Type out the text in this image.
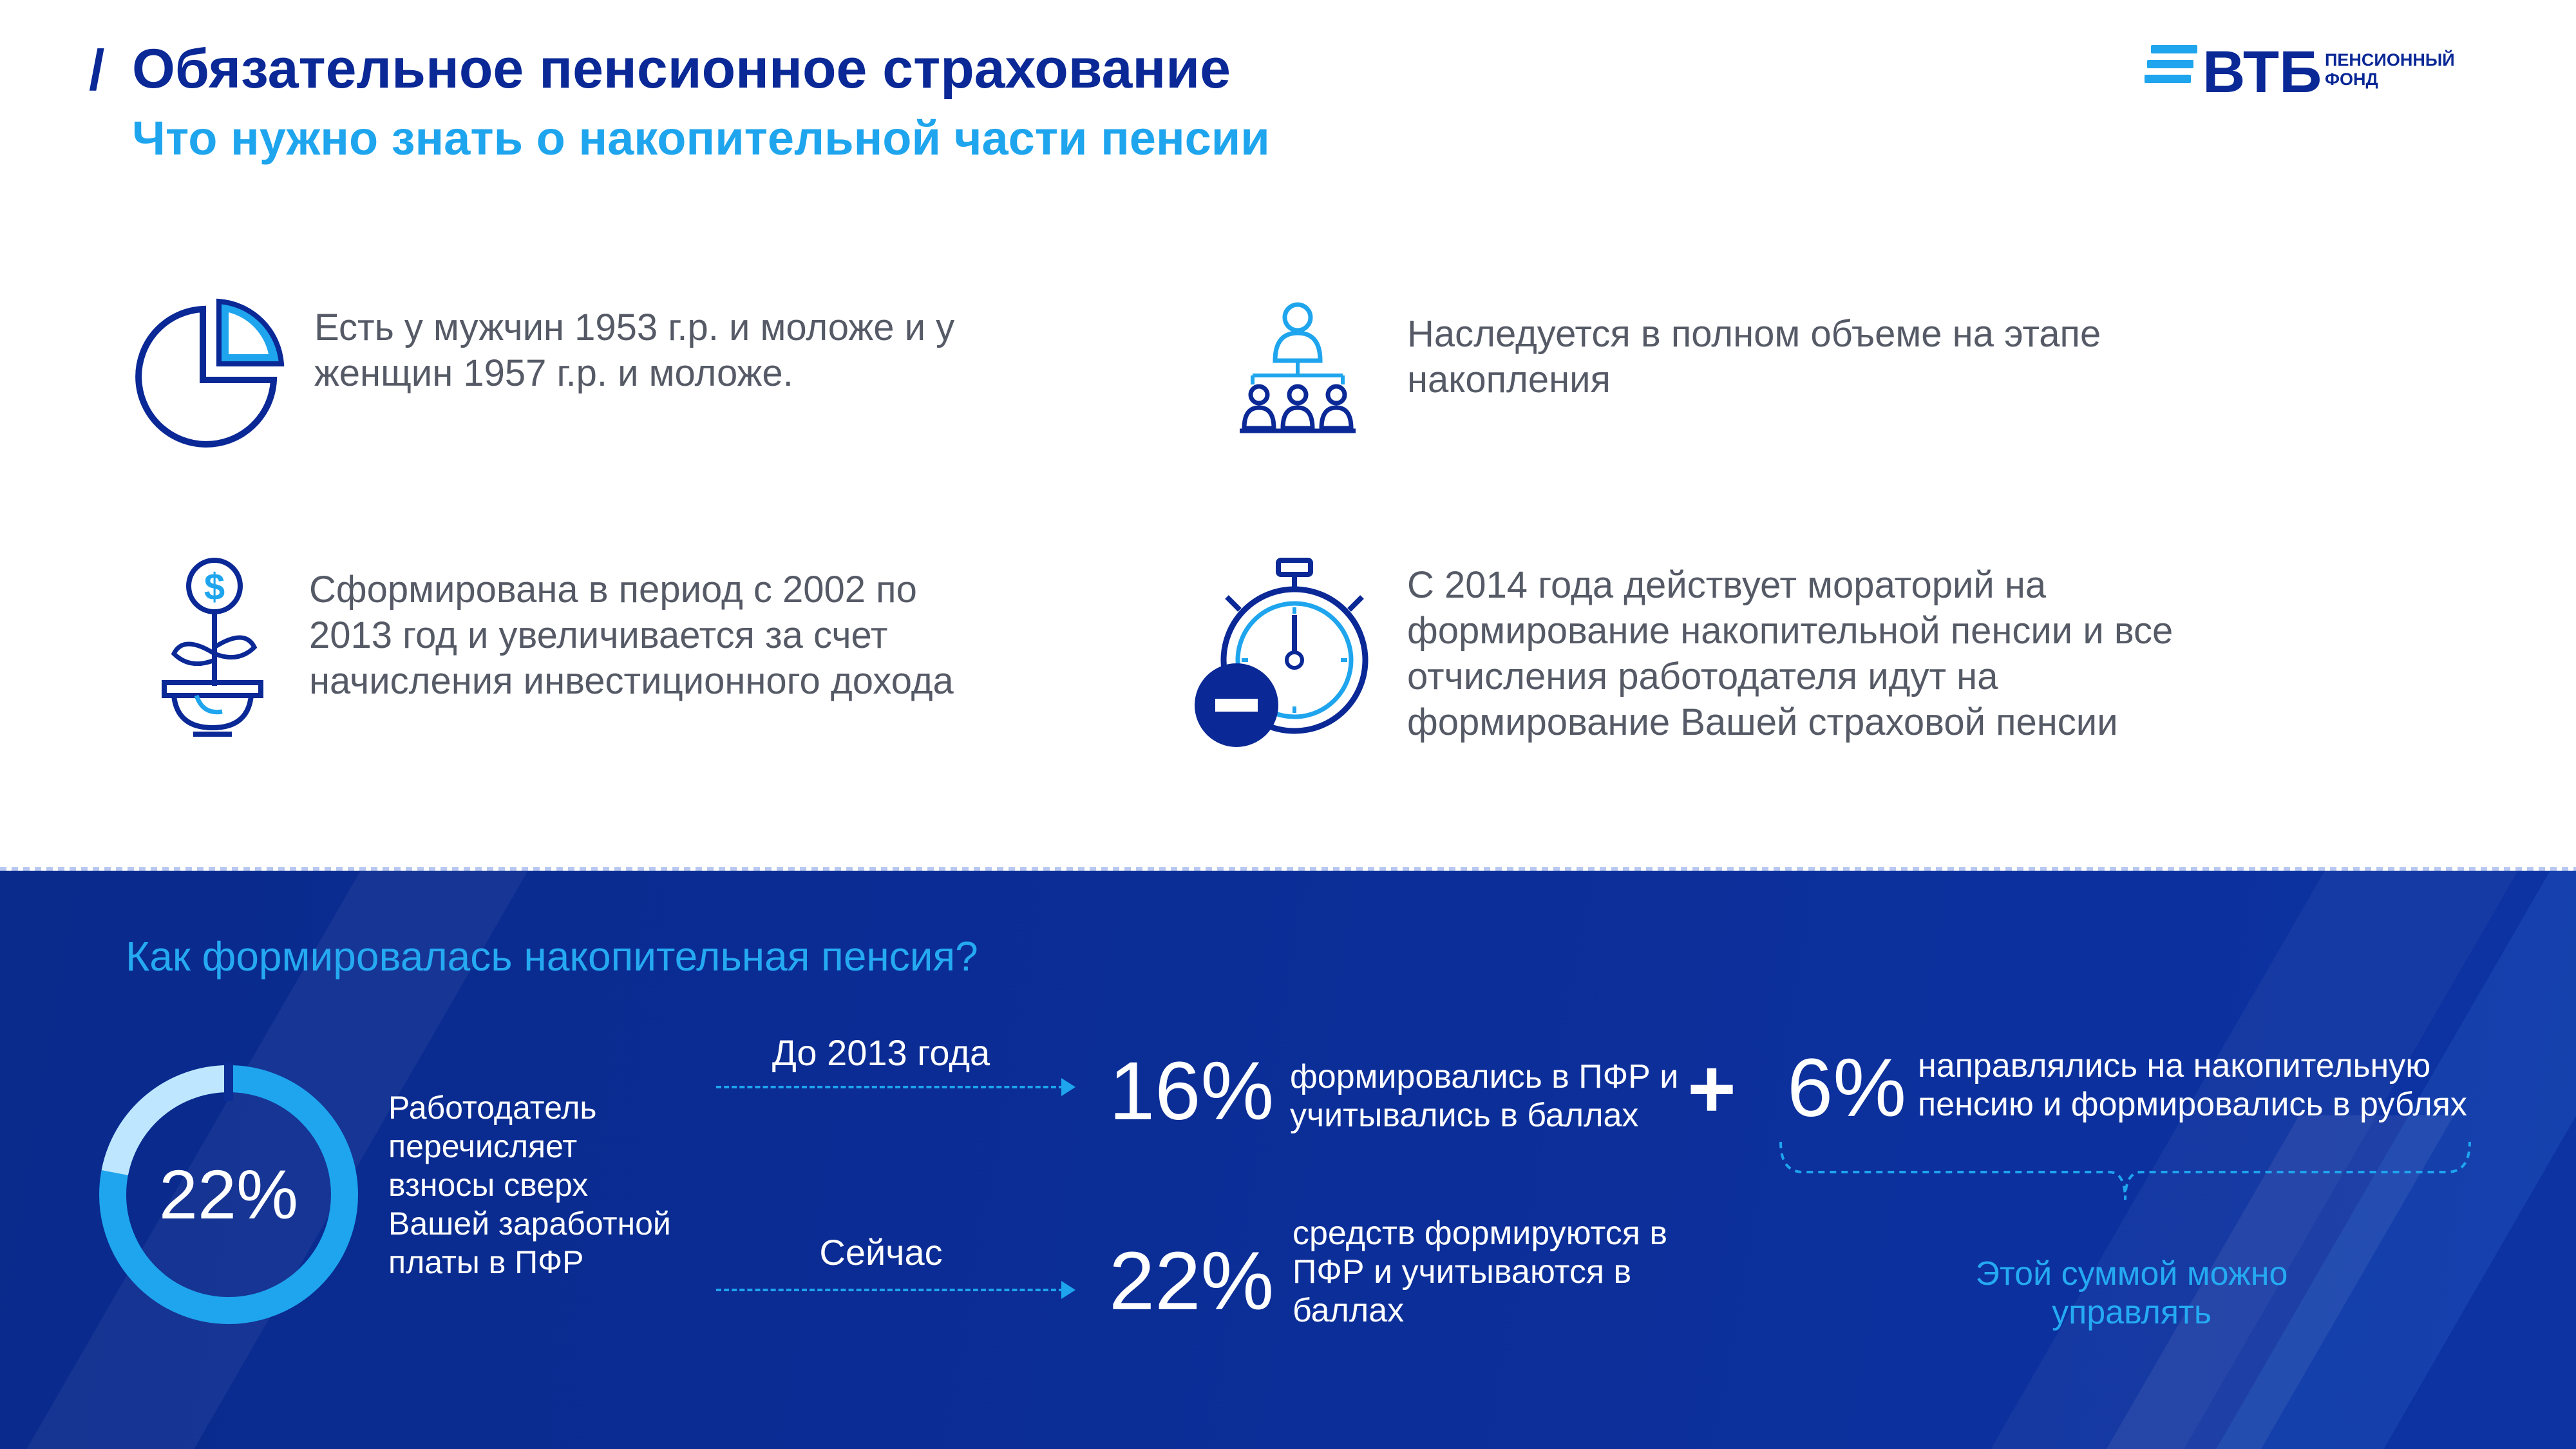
/ Обязательное пенсионное страхование
Что нужно знать о накопительной части пенсии
ВТБ ПЕНСИОННЫЙ
ФОНД
Есть у мужчин 1953 г.р. и моложе и у
женщин 1957 г.р. и моложе.
Наследуется в полном объеме на этапе
накопления
$ Сформирована в период с 2002 по
2013 год и увеличивается за счет
начисления инвестиционного дохода
С 2014 года действует мораторий на
формирование накопительной пенсии и все
отчисления работодателя идут на
формирование Вашей страховой пенсии
Как формировалась накопительная пенсия?
22%
Работодатель
перечисляет
взносы сверх
Вашей заработной
платы в ПФР
До 2013 года	16% формировались в ПФР и
учитывались в баллах + 6% направлялись на накопительную
пенсию и формировались в рублях
Этой суммой можно
управлять
Сейчас	22%
средств формируются в
ПФР и учитываются в
баллах
